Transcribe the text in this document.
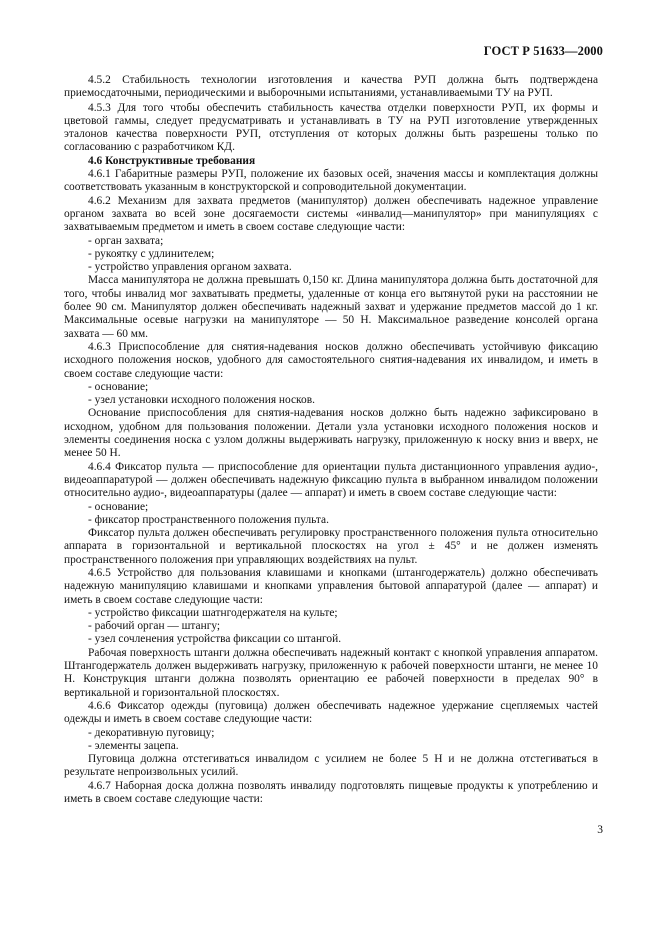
ГОСТ Р 51633—2000

4.5.2 Стабильность технологии изготовления и качества РУП должна быть подтверждена приемосдаточными, периодическими и выборочными испытаниями, устанавливаемыми ТУ на РУП.

4.5.3 Для того чтобы обеспечить стабильность качества отделки поверхности РУП, их формы и цветовой гаммы, следует предусматривать и устанавливать в ТУ на РУП изготовление утвержденных эталонов качества поверхности РУП, отступления от которых должны быть разрешены только по согласованию с разработчиком КД.

4.6 Конструктивные требования

4.6.1 Габаритные размеры РУП, положение их базовых осей, значения массы и комплектация должны соответствовать указанным в конструкторской и сопроводительной документации.

4.6.2 Механизм для захвата предметов (манипулятор) должен обеспечивать надежное управление органом захвата во всей зоне досягаемости системы «инвалид—манипулятор» при манипуляциях с захватываемым предметом и иметь в своем составе следующие части:

- орган захвата;

- рукоятку с удлинителем;

- устройство управления органом захвата.

Масса манипулятора не должна превышать 0,150 кг. Длина манипулятора должна быть достаточной для того, чтобы инвалид мог захватывать предметы, удаленные от конца его вытянутой руки на расстоянии не более 90 см. Манипулятор должен обеспечивать надежный захват и удержание предметов массой до 1 кг. Максимальные осевые нагрузки на манипуляторе — 50 Н. Максимальное разведение консолей органа захвата — 60 мм.

4.6.3 Приспособление для снятия-надевания носков должно обеспечивать устойчивую фиксацию исходного положения носков, удобного для самостоятельного снятия-надевания их инвалидом, и иметь в своем составе следующие части:

- основание;

- узел установки исходного положения носков.

Основание приспособления для снятия-надевания носков должно быть надежно зафиксировано в исходном, удобном для пользования положении. Детали узла установки исходного положения носков и элементы соединения носка с узлом должны выдерживать нагрузку, приложенную к носку вниз и вверх, не менее 50 Н.

4.6.4 Фиксатор пульта — приспособление для ориентации пульта дистанционного управления аудио-, видеоаппаратурой — должен обеспечивать надежную фиксацию пульта в выбранном инвалидом положении относительно аудио-, видеоаппаратуры (далее — аппарат) и иметь в своем составе следующие части:

- основание;

- фиксатор пространственного положения пульта.

Фиксатор пульта должен обеспечивать регулировку пространственного положения пульта относительно аппарата в горизонтальной и вертикальной плоскостях на угол ± 45° и не должен изменять пространственного положения при управляющих воздействиях на пульт.

4.6.5 Устройство для пользования клавишами и кнопками (штангодержатель) должно обеспечивать надежную манипуляцию клавишами и кнопками управления бытовой аппаратурой (далее — аппарат) и иметь в своем составе следующие части:

- устройство фиксации шатнгодержателя на культе;

- рабочий орган — штангу;

- узел сочленения устройства фиксации со штангой.

Рабочая поверхность штанги должна обеспечивать надежный контакт с кнопкой управления аппаратом. Штангодержатель должен выдерживать нагрузку, приложенную к рабочей поверхности штанги, не менее 10 Н. Конструкция штанги должна позволять ориентацию ее рабочей поверхности в пределах 90° в вертикальной и горизонтальной плоскостях.

4.6.6 Фиксатор одежды (пуговица) должен обеспечивать надежное удержание сцепляемых частей одежды и иметь в своем составе следующие части:

- декоративную пуговицу;

- элементы зацепа.

Пуговица должна отстегиваться инвалидом с усилием не более 5 Н и не должна отстегиваться в результате непроизвольных усилий.

4.6.7 Наборная доска должна позволять инвалиду подготовлять пищевые продукты к употреблению и иметь в своем составе следующие части:

3
